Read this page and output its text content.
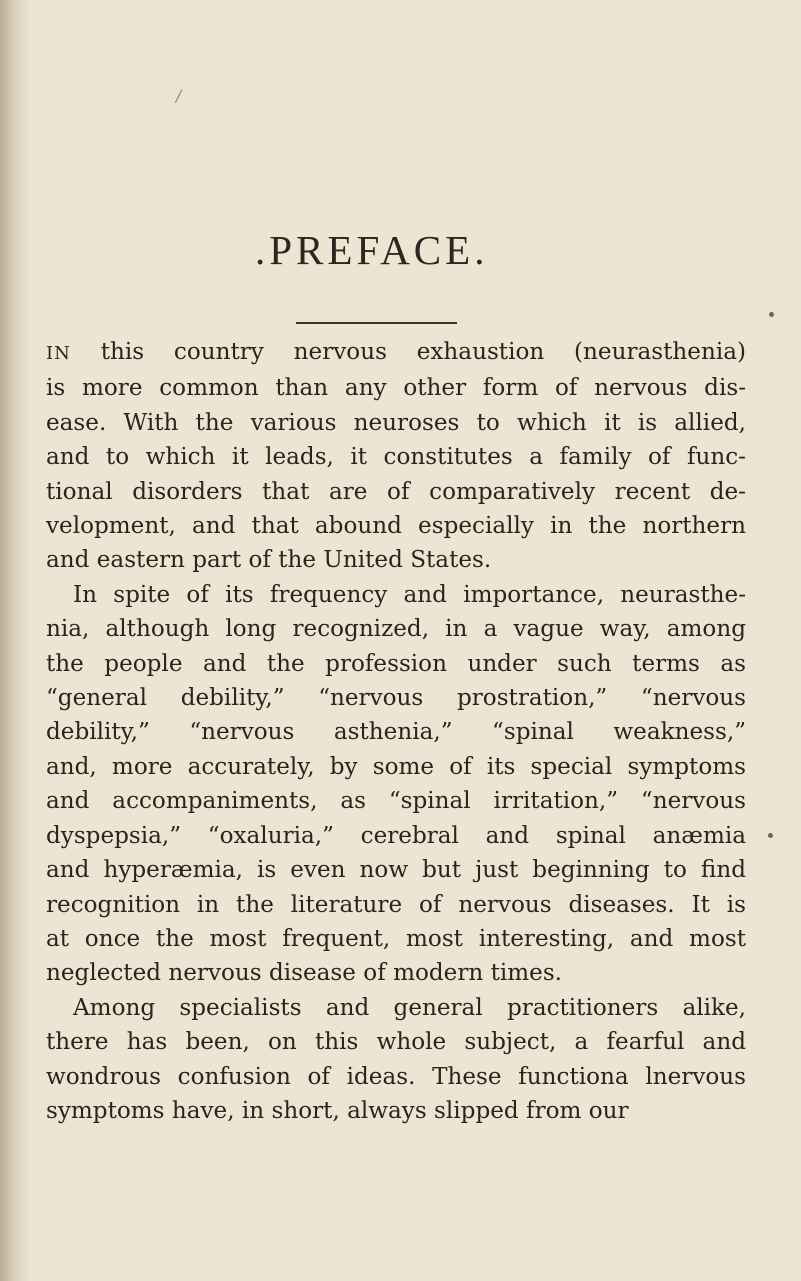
/
.PREFACE.
IN this country nervous exhaustion (neurasthenia)
is more common than any other form of nervous dis-
ease. With the various neuroses to which it is allied,
and to which it leads, it constitutes a family of func-
tional disorders that are of comparatively recent de-
velopment, and that abound especially in the northern
and eastern part of the United States.
In spite of its frequency and importance, neurasthe-
nia, although long recognized, in a vague way, among
the people and the profession under such terms as
“general debility,” “nervous prostration,” “nervous
debility,” “nervous asthenia,” “spinal weakness,”
and, more accurately, by some of its special symptoms
and accompaniments, as “spinal irritation,” “nervous
dyspepsia,” “oxaluria,” cerebral and spinal anæmia
and hyperæmia, is even now but just beginning to find
recognition in the literature of nervous diseases. It is
at once the most frequent, most interesting, and most
neglected nervous disease of modern times.
Among specialists and general practitioners alike,
there has been, on this whole subject, a fearful and
wondrous confusion of ideas. These functiona lnervous
symptoms have, in short, always slipped from our
